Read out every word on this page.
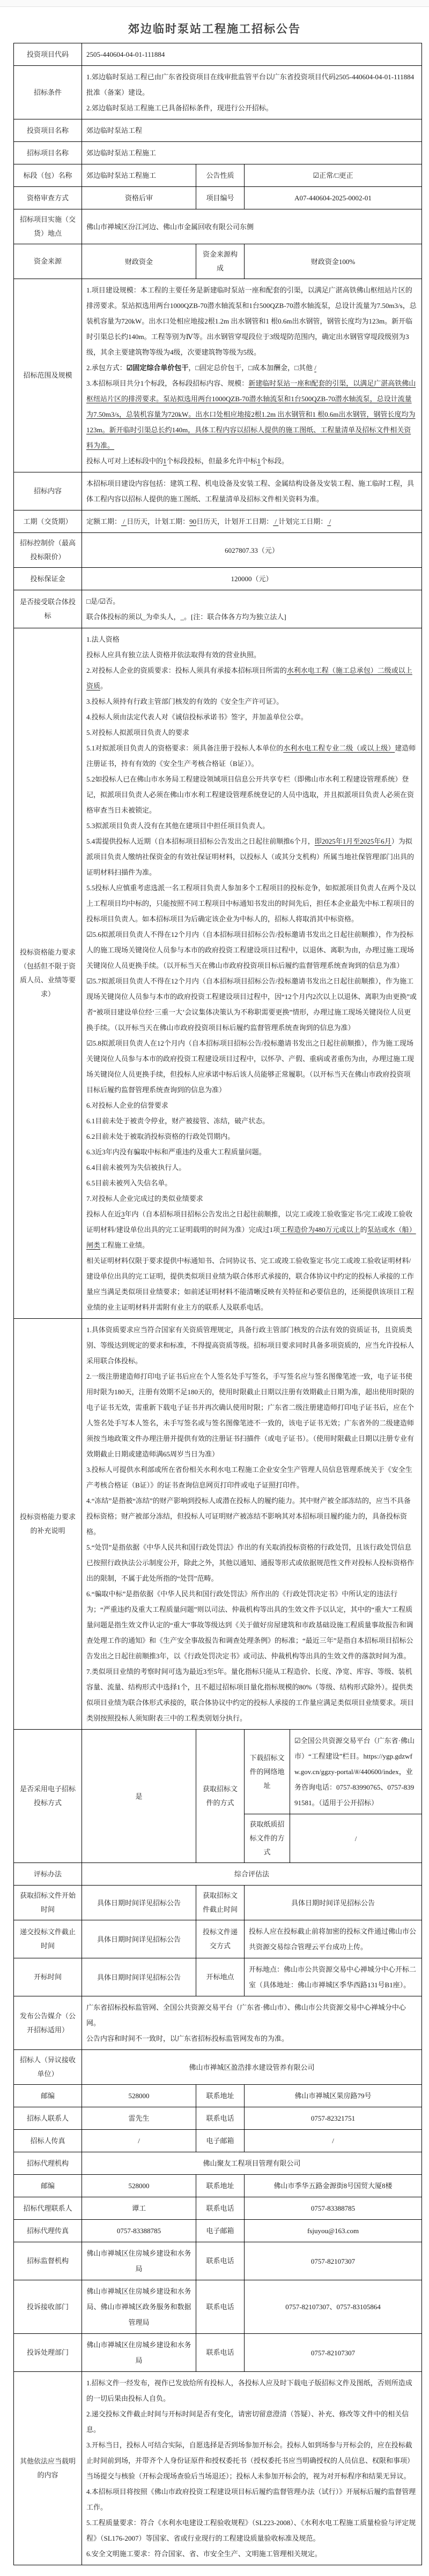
郊边临时泵站工程施工招标公告
投资项目代码	2505-440604-04-01-111884			
招标条件	1.郊边临时泵站工程已由广东省投资项目在线审批监管平台以广东省投资项目代码2505-440604-04-01-111884批准（备案）建设。
2.郊边临时泵站工程施工已具备招标条件，现进行公开招标。			

投资项目名称	郊边临时泵站工程			
招标项目名称	郊边临时泵站工程施工			
标段（包）名称	郊边临时泵站工程施工	公告性质	☑正常/□更正	
资格审查方式	资格后审	项目编号	A07-440604-2025-0002-01	
招标项目实施（交货）地点	佛山市禅城区汾江河边、佛山市金属回收有限公司东侧			
资金来源	财政资金	资金来源构成	财政资金100%	
招标范围及规模	1.项目建设规模：本工程的主要任务是新建临时泵站一座和配套的引渠，以满足广湛高铁佛山枢纽站片区的排涝要求。泵站拟选用两台1000QZB-70潜水轴流泵和1台500QZB-70潜水轴流泵，总设计流量为7.50m3/s，总装机容量为720kW。出水口处相应地接2根1.2m 出水钢管和1 根0.6m出水钢管，钢管长度均为123m。新开临时引渠总长约140m。工程等别为Ⅳ等。出水钢管穿堤段位于3级堤防范围内，确定出水钢管穿堤段级别为3级，其余主要建筑物等级为4级，次要建筑物等级为5级。
2.承包方式：☑固定综合单价包干，□固定总价包干，□成本加酬金，□其他 /
3.本招标项目共分1个标段，各标段招标内容、规模：新建临时泵站一座和配套的引渠，以满足广湛高铁佛山枢纽站片区的排涝要求。泵站拟选用两台1000QZB-70潜水轴流泵和1台500QZB-70潜水轴流泵，总设计流量为7.50m3/s，总装机容量为720kW。出水口处相应地接2根1.2m 出水钢管和1 根0.6m出水钢管，钢管长度均为123m。新开临时引渠总长约140m，具体工程内容以招标人提供的施工图纸、工程量清单及招标文件相关资料为准。
投标人可对上述标段中的1个标段投标，但最多允许中标1个标段。			

招标内容	本招标项目建设内容包括：建筑工程、机电设备及安装工程、金属结构设备及安装工程、施工临时工程，具体工程内容以招标人提供的施工图纸、工程量清单及招标文件相关资料为准。			
工期（交货期）	定额工期： / 日历天，计划工期：90日历天，计划开工日期： / 计划完工日期： /			
招标控制价（最高投标限价）	6027807.33（元）			
投标保证金	120000（元）			
是否接受联合体投标	□是/☑否。
联合体投标的须以_为牵头人，_。[注：联合体各方均为独立法人]			

投标资格能力要求（包括但不限于资质人员、业绩等要求）	
1.法人资格
投标人应具有独立法人资格并依法取得有效的营业执照。
2.对投标人企业的资质要求：投标人须具有承接本招标项目所需的水利水电工程（施工总承包）二级或以上资质。
3.投标人须持有行政主管部门核发的有效的《安全生产许可证》。
4.投标人须由法定代表人对《诚信投标承诺书》签字，并加盖单位公章。
5.对投标人拟派项目负责人的要求
5.1对拟派项目负责人的资格要求：须具备注册于投标人本单位的水利水电工程专业二级（或以上级）建造师注册证书，持有有效的《安全生产考核合格证（B证）》。
5.2如投标人已在佛山市水务局工程建设领域项目信息公开共享专栏（即佛山市水利工程建设管理系统）登记，拟派项目负责人必须在佛山市水利工程建设管理系统登记的人员中选取，并且拟派项目负责人必须在资格审查当日未被锁定。
5.3拟派项目负责人没有在其他在建项目中担任项目负责人。
5.4需提供投标人近期（自本招标项目招标公告发出之日起往前顺推6个月，即2025年1月至2025年6月）为拟派项目负责人缴纳社保资金的有效社保证明材料，以投标人（或其分支机构）所属当地社保管理部门出具的证明材料扫描件为准。
5.5投标人应慎重考虑选派一名工程项目负责人参加多个工程项目的投标竞争，如拟派项目负责人在两个及以上工程项目均中标的，只能按照不同工程项目中标通知书发出的时间先后，担任本企业最先中标工程项目的投标项目负责人。如本招标项目为后确定该企业为中标人的，招标人将取消其中标资格。
☑5.6拟派项目负责人不得在12个月内（自本招标项目招标公告/投标邀请书发出之日起往前顺推），作为投标人的施工现场关键岗位人员参与本市的政府投资工程建设项目过程中，以退休、离职为由，办理过施工现场关键岗位人员更换手续。（以开标当天在佛山市政府投资项目标后履约监督管理系统查询到的信息为准）
☑5.7拟派项目负责人不得在12个月内（自本招标项目招标公告/投标邀请书发出之日起往前顺推），作为施工现场关键岗位人员参与本市的政府投资工程建设项目过程中，因“12个月内2次以上以退休、离职为由更换”或者“被项目建设单位经‘三重一大’会议集体决策认为不称职需要更换”情形，办理过施工现场关键岗位人员更换手续。（以开标当天在佛山市政府投资项目标后履约监督管理系统查询到的信息为准）
☑5.8拟派项目负责人在12个月内（自本招标项目招标公告/投标邀请书发出之日起往前顺推），作为施工现场关键岗位人员参与本市的政府投资工程建设项目过程中，以怀孕、产假、重病或者重伤为由，办理过施工现场关键岗位人员更换手续，但投标人应承诺中标后该人员能够正常履职。（以开标当天在佛山市政府投资项目标后履约监督管理系统查询到的信息为准）
6.对投标人企业的信誉要求
6.1目前未处于被责令停业，财产被接管、冻结，破产状态。
6.2目前未处于被取消投标资格的行政处罚期内。
6.3近3年内没有骗取中标和严重违约及重大工程质量问题。
6.4目前未被列为失信被执行人。
6.5目前未被列入失信名单。
7.对投标人企业完成过的类似业绩要求
投标人在近3年内（自本招标项目招标公告发出之日起往前顺推，以完工或竣工验收鉴定书/完工或竣工验收证明材料/建设单位出具的完工证明载明的时间为准）完成过1项工程造价为480万元或以上的泵站或水（船）闸类工程施工业绩。
相关证明材料仅限于要求提供中标通知书、合同协议书、完工或竣工验收鉴定书/完工或竣工验收证明材料/建设单位出具的完工证明，提供类似项目业绩为联合体形式承接的，联合体协议中约定的投标人承接的工作量应当满足类似项目业绩要求；如前述证明材料不能清晰反映有关特征和必要信息的，还须提供该项目工程业绩的业主证明材料并需附有业主方的联系人及联系电话。

投标资格能力要求的补充说明	
1.具体资质要求应当符合国家有关资质管理规定，具备行政主管部门核发的合法有效的资质证书，且资质类别、等级达到规定的要求和标准，不得提高资质等级。招标项目要求同时具备多项资质的，应当允许投标人采用联合体投标。
2.一级注册建造师打印电子证书后应在个人签名处手写签名，手写签名应与签名图像笔迹一致，电子证书使用时限为180天，注册有效期不足180天的，使用时限截止日期以注册有效期截止日期为准，超出使用时限的电子证书无效，需重新下载电子证书并再次确认使用时限；广东省二级注册建造师打印电子证书后，应在个人签名处手写本人签名，未手写签名或与签名图像笔迹不一致的，该电子证书无效；广东省外的二级建造师须按当地政策文件办理注册并提供有效的注册证书扫描件（或电子证书）。（使用时限截止日期以注册专业有效期截止日期或建造师满65周岁当日为准）
3.投标人可提供水利部或所在省份相关水利水电工程施工企业安全生产管理人员信息管理系统关于《安全生产考核合格证（B证）》的证书查询信息网页打印件或电子证照打印件。
4.“冻结”是指被“冻结”的财产影响到投标人或潜在投标人的履约能力。其中财产被全部冻结的，应当不具备投标资格；财产被部分冻结，但投标人可证明财产被冻结不影响其对本招标项目履约能力的，具备投标资格。
5.“处罚”是指依据《中华人民共和国行政处罚法》作出的有关取消投标资格的行政处罚，且该行政处罚信息已按照行政执法公示制度公开，除此之外，其他以通知、通报等形式或依据规范性文件对投标人投标资格作出的限制，不属于此处所指的“处罚”范畴。
6.“骗取中标”是指依据《中华人民共和国行政处罚法》所作出的《行政处罚决定书》中所认定的违法行为；“严重违约及重大工程质量问题”则以司法、仲裁机构等出具的生效文件予以认定，其中的“重大”工程质量问题是指生效文件认定的“重大”事故等级达到《关于做好房屋建筑和市政基础设施工程质量事故报告和调查处理工作的通知》和《生产安全事故报告和调查处理条例》的标准；“最近三年”是指自本招标项目招标公告发出之日起往前顺推3年，以《行政处罚决定书》或司法、仲裁机构等出具的生效文件的落款时间为准。
7.类似项目业绩的考察时间可选为最近3至5年。量化指标只能从工程造价、长度、净宽、库容、等级、装机容量、流量、结构形式中选择1个，且不超过招标项目量化指标规模的80%（等级、结构形式除外）。提供类似项目业绩为联合体形式承接的，联合体协议中约定的投标人承接的工作量应满足类似项目业绩要求。项目类别按照投标人须知附表三中的工程类别划分执行。

是否采用电子招标投标方式	是	获取招标文件的方式	下载招标文件的网络地址	☑全国公共资源交易平台（广东省·佛山市）“工程建设”栏目。https://ygp.gdzwfw.gov.cn/ggzy-portal/#/440600/index，业务咨询电话：0757-83990765、0757-83991581。（适用于公开招标）
			获取纸质招标文件的方式	/
评标办法	综合评估法			
获取招标文件开始时间	具体日期时间详见招标公告	获取招标文件截止时间	具体日期时间详见招标公告	
递交投标文件截止时间	具体日期时间详见招标公告	投标文件递交方式	投标人应在投标截止前将加密的投标文件通过佛山市公共资源交易综合管理云平台成功上传。	
开标时间	具体日期时间详见招标公告	开标地点	开标地点：佛山市公共资源交易中心禅城分中心开标二室（具体地址：佛山市禅城区季华西路131号B1座）。	
发布公告媒介（公开招标适用）	广东省招标投标监管网、全国公共资源交易平台（广东省·佛山市）、佛山市公共资源交易中心禅城分中心网。
公告内容和时间不一致时，以广东省招标投标监管网发布的为准。			

招标人（异议接收单位）	佛山市禅城区盈浩排水建设管养有限公司			
邮编	528000	联系地址	佛山市禅城区果房路79号	
招标人联系人	雷先生	联系电话	0757-82321751	
招标人传真	/	电子邮箱	/	
招标代理机构	佛山聚友工程项目管理有限公司			
邮编	528000	联系地址	佛山市季华五路金源街8号国贸大厦8楼	
招标代理联系人	谭工	联系电话	0757-83388785	
招标代理传真	0757-83388785	电子邮箱	fsjuyou@163.com	
招标监督机构	佛山市禅城区住房城乡建设和水务局	联系电话	0757-82107307	
投诉接收部门	佛山市禅城区住房城乡建设和水务局、佛山市禅城区政务服务和数据管理局	联系电话	0757-82107307、0757-83105864	
投诉处理部门	佛山市禅城区住房城乡建设和水务局	联系电话	0757-82107307	
其他依法应当载明的内容	
1.招标文件一经发布，视作已发放给所有投标人，各投标人应及时下载电子版招标文件及图纸，否则所造成的一切后果由投标人自负。
2.递交投标文件截止时间与开标时间是否有变化，请密切留意澄清（答疑）、补充、修改等文件中的相关信息。
3.开标当日，投标人可结合实际，自愿选择是否到场参加开标会。投标人如到场参与开标会的，应在投标截止时间前到场，并带齐个人身份证原件和授权委托书（授权委托书应当明确授权的人员信息、权限和事项）当场提交与核验（开标会现场查验后当场退还）；投标人未参加开标会的，视为对开标程序和结果无异议。
4.本招标项目将按照《佛山市政府投资工程建设项目标后履约监督管理办法（试行）》开展标后履约监督管理工作。
5.工程质量要求：符合《水利水电建设工程验收规程》（SL223-2008）、《水利水电工程施工质量检验与评定规程》（SL176-2007）等国家、省或行业现行的工程建设质量验收标准及规范。
6.安全文明施工要求：符合国家、省、市安全生产、文明施工管理相关规定。
